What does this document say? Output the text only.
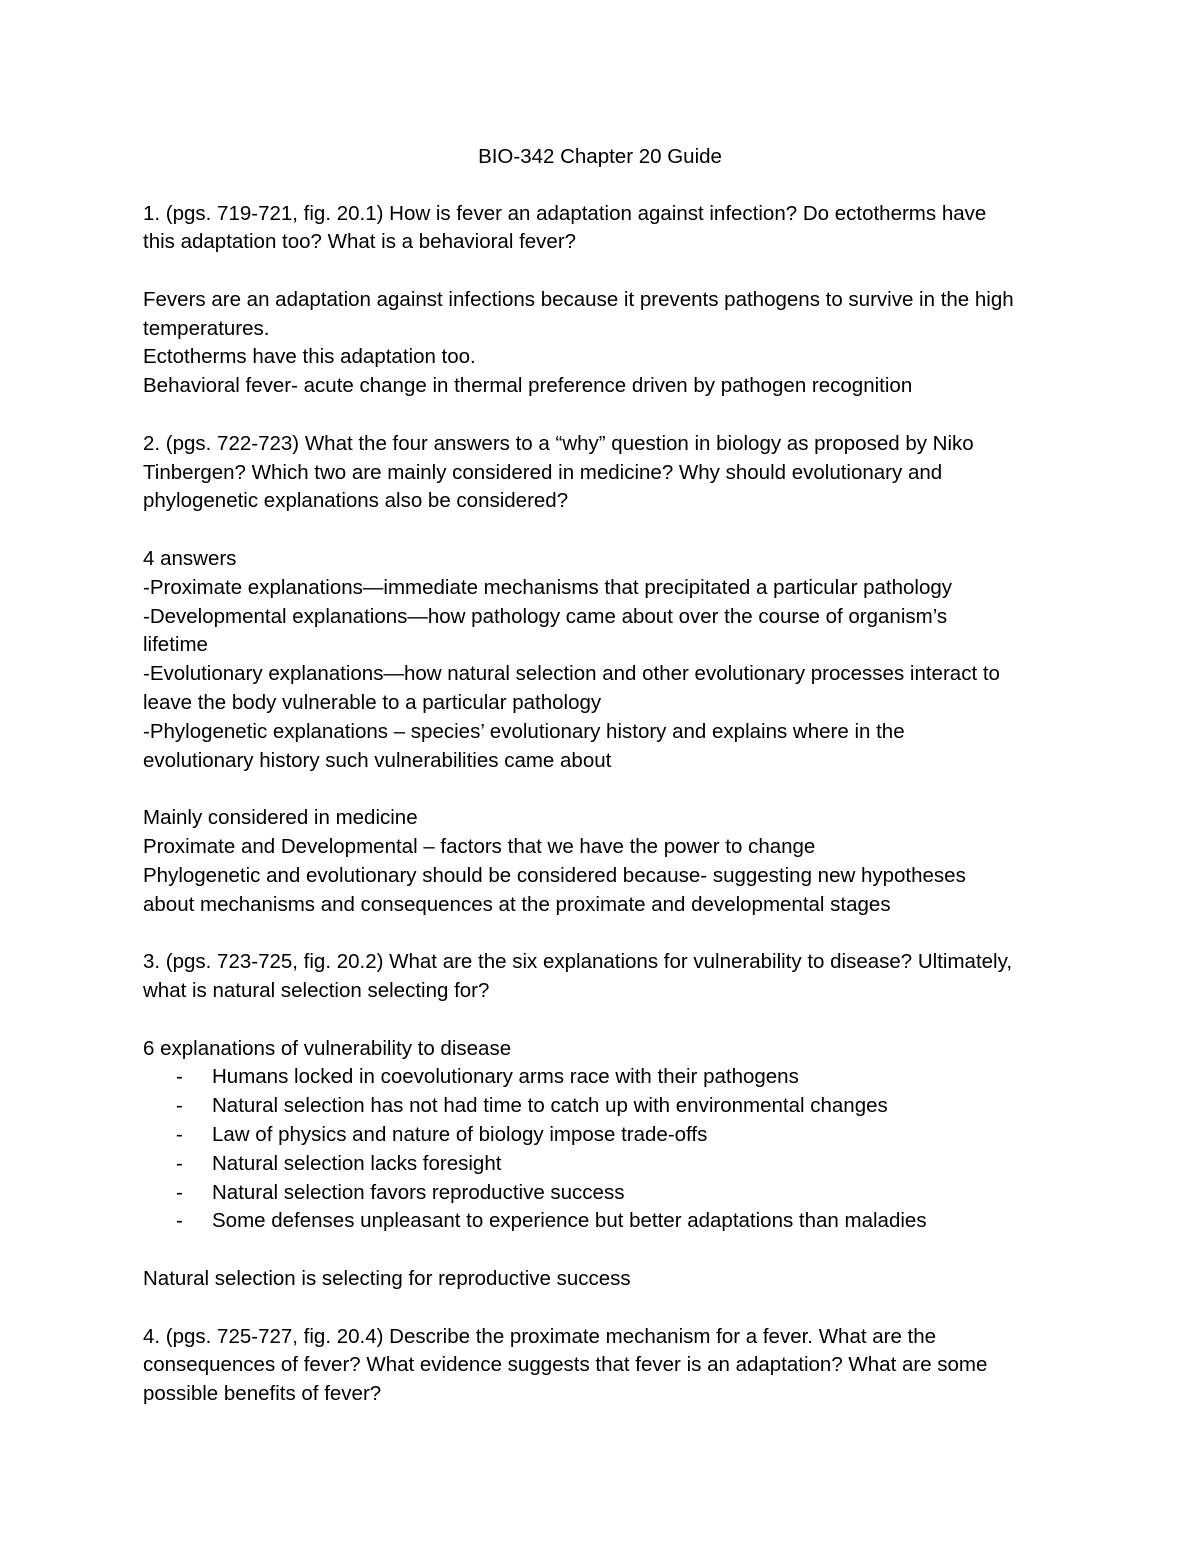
BIO-342 Chapter 20 Guide
1. (pgs. 719-721, fig. 20.1) How is fever an adaptation against infection? Do ectotherms have
this adaptation too? What is a behavioral fever?
Fevers are an adaptation against infections because it prevents pathogens to survive in the high
temperatures.
Ectotherms have this adaptation too.
Behavioral fever- acute change in thermal preference driven by pathogen recognition
2. (pgs. 722-723) What the four answers to a “why” question in biology as proposed by Niko
Tinbergen? Which two are mainly considered in medicine? Why should evolutionary and
phylogenetic explanations also be considered?
4 answers
-Proximate explanations—immediate mechanisms that precipitated a particular pathology
-Developmental explanations—how pathology came about over the course of organism’s
lifetime
-Evolutionary explanations—how natural selection and other evolutionary processes interact to
leave the body vulnerable to a particular pathology
-Phylogenetic explanations – species’ evolutionary history and explains where in the
evolutionary history such vulnerabilities came about
Mainly considered in medicine
Proximate and Developmental – factors that we have the power to change
Phylogenetic and evolutionary should be considered because- suggesting new hypotheses
about mechanisms and consequences at the proximate and developmental stages
3. (pgs. 723-725, fig. 20.2) What are the six explanations for vulnerability to disease? Ultimately,
what is natural selection selecting for?
6 explanations of vulnerability to disease
- Humans locked in coevolutionary arms race with their pathogens
- Natural selection has not had time to catch up with environmental changes
- Law of physics and nature of biology impose trade-offs
- Natural selection lacks foresight
- Natural selection favors reproductive success
- Some defenses unpleasant to experience but better adaptations than maladies
Natural selection is selecting for reproductive success
4. (pgs. 725-727, fig. 20.4) Describe the proximate mechanism for a fever. What are the
consequences of fever? What evidence suggests that fever is an adaptation? What are some
possible benefits of fever?
